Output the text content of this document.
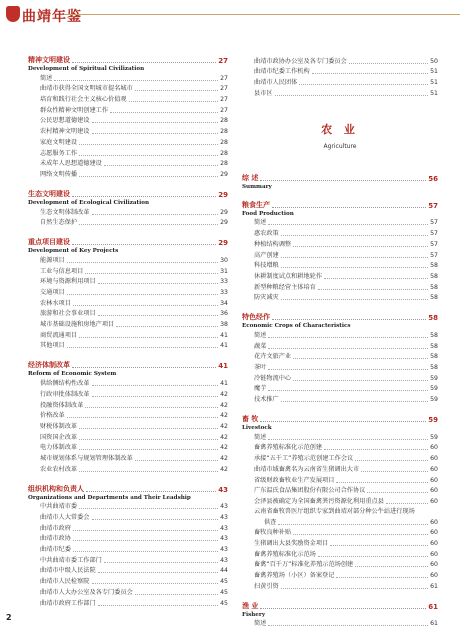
曲靖年鉴
精神文明建设	27
Development of Spiritual Civilization
简述	27
曲靖市获得全国文明城市提名城市	27
培育和践行社会主义核心价值观	27
群众性精神文明创建工作	27
公民思想道德建设	28
农村精神文明建设	28
家庭文明建设	28
志愿服务工作	28
未成年人思想道德建设	28
网络文明传播	29
生态文明建设	29
Development of Ecological Civilization
生态文明体制改革	29
自然生态保护	29
重点项目建设	29
Development of Key Projects
能源项目	30
工业与信息项目	31
环境与资源利用项目	33
交通项目	33
农林水项目	34
旅游和社会事业项目	36
城市基础设施和房地产项目	38
商贸流通项目	41
其他项目	41
经济体制改革	41
Reform of Economic System
供给侧结构性改革	41
行政审批体制改革	42
投融资体制改革	42
价格改革	42
财税体制改革	42
国资国企改革	42
电力体制改革	42
城市规划体系与规划管理体制改革	42
农业农村改革	42
组织机构和负责人	43
Organizations and Departments and Their Leadship
中共曲靖市委	43
曲靖市人大常委会	43
曲靖市政府	43
曲靖市政协	43
曲靖市纪委	43
中共曲靖市委工作部门	43
曲靖市中级人民法院	44
曲靖市人民检察院	45
曲靖市人大办公室及各专门委员会	45
曲靖市政府工作部门	45
曲靖市政协办公室及各专门委员会	50
曲靖市纪委工作机构	51
曲靖市人民团体	51
县市区	51
农 业
Agriculture
综 述	56
Summary
粮食生产	57
Food Production
简述	57
惠农政策	57
种植结构调整	57
高产创建	57
科技增粮	58
休耕制度试点和耕地轮作	58
新型种粮经营主体培育	58
防灾减灾	58
特色经作	58
Economic Crops of Characteristics
简述	58
蔬菜	58
花卉文旅产业	58
茶叶	58
冷链物流中心	59
魔芋	59
技术推广	59
畜 牧	59
Livestock
简述	59
畜禽养殖标准化示范创建	60
承接“五千工”养殖示范创建工作会议	60
曲靖市域畜禽名为云南省生猪调出大市	60
省级财政畜牧业生产发展项目	60
广东温氏食品集团股份有限公司合作协议	60
会泽县被确定为全国畜禽粪污资源化利用重点县	60
云南省畜牧兽医厅组织专家到曲靖对部分种公牛站进行现场
供查	60
畜牧良种补贴	60
生猪调出大县奖励资金项目	60
畜禽养殖标准化示范场	60
畜禽“百千万”标准化养殖示范场创建	60
畜禽养殖场（小区）备案登记	60
扫黄引资	61
渔 业	61
Fishery
简述	61
2
